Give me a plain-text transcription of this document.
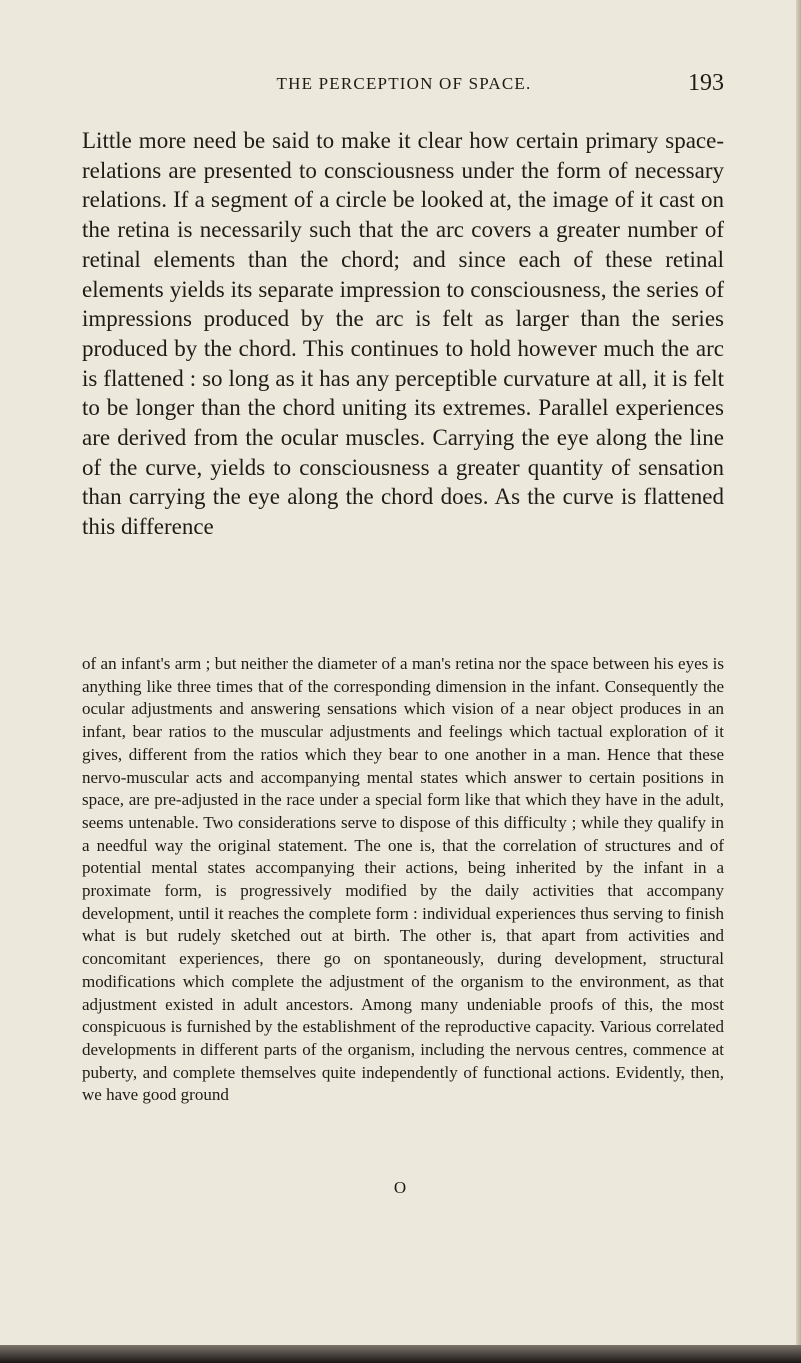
THE PERCEPTION OF SPACE.	193

Little more need be said to make it clear how certain primary space-relations are presented to consciousness under the form of necessary relations. If a segment of a circle be looked at, the image of it cast on the retina is necessarily such that the arc covers a greater number of retinal elements than the chord; and since each of these retinal elements yields its separate impression to consciousness, the series of impressions produced by the arc is felt as larger than the series produced by the chord. This continues to hold however much the arc is flattened : so long as it has any perceptible curvature at all, it is felt to be longer than the chord uniting its extremes. Parallel experiences are derived from the ocular muscles. Carrying the eye along the line of the curve, yields to consciousness a greater quantity of sensation than carrying the eye along the chord does. As the curve is flattened this difference

of an infant's arm ; but neither the diameter of a man's retina nor the space between his eyes is anything like three times that of the corresponding dimension in the infant. Consequently the ocular adjustments and answering sensations which vision of a near object produces in an infant, bear ratios to the muscular adjustments and feelings which tactual exploration of it gives, different from the ratios which they bear to one another in a man. Hence that these nervo-muscular acts and accompanying mental states which answer to certain positions in space, are pre-adjusted in the race under a special form like that which they have in the adult, seems untenable. Two considerations serve to dispose of this difficulty ; while they qualify in a needful way the original statement. The one is, that the correlation of structures and of potential mental states accompanying their actions, being inherited by the infant in a proximate form, is progressively modified by the daily activities that accompany development, until it reaches the complete form : individual experiences thus serving to finish what is but rudely sketched out at birth. The other is, that apart from activities and concomitant experiences, there go on spontaneously, during development, structural modifications which complete the adjustment of the organism to the environment, as that adjustment existed in adult ancestors. Among many undeniable proofs of this, the most conspicuous is furnished by the establishment of the reproductive capacity. Various correlated developments in different parts of the organism, including the nervous centres, commence at puberty, and complete themselves quite independently of functional actions. Evidently, then, we have good ground

O
